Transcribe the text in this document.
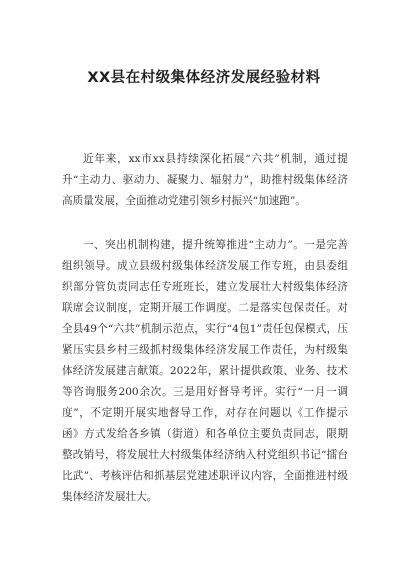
XX县在村级集体经济发展经验材料

近年来，xx市xx县持续深化拓展“六共”机制，通过提升“主动力、驱动力、凝聚力、辐射力”，助推村级集体经济高质量发展，全面推动党建引领乡村振兴“加速跑”。

一、突出机制构建，提升统筹推进“主动力”。一是完善组织领导。成立县级村级集体经济发展工作专班，由县委组织部分管负责同志任专班班长，建立发展壮大村级集体经济联席会议制度，定期开展工作调度。二是落实包保责任。对全县49个“六共”机制示范点，实行“4包1”责任包保模式，压紧压实县乡村三级抓村级集体经济发展工作责任，为村级集体经济发展建言献策。2022年，累计提供政策、业务、技术等咨询服务200余次。三是用好督导考评。实行“一月一调度”，不定期开展实地督导工作，对存在问题以《工作提示函》方式发给各乡镇（街道）和各单位主要负责同志，限期整改销号，将发展壮大村级集体经济纳入村党组织书记“擂台比武”、考核评估和抓基层党建述职评议内容，全面推进村级集体经济发展壮大。
